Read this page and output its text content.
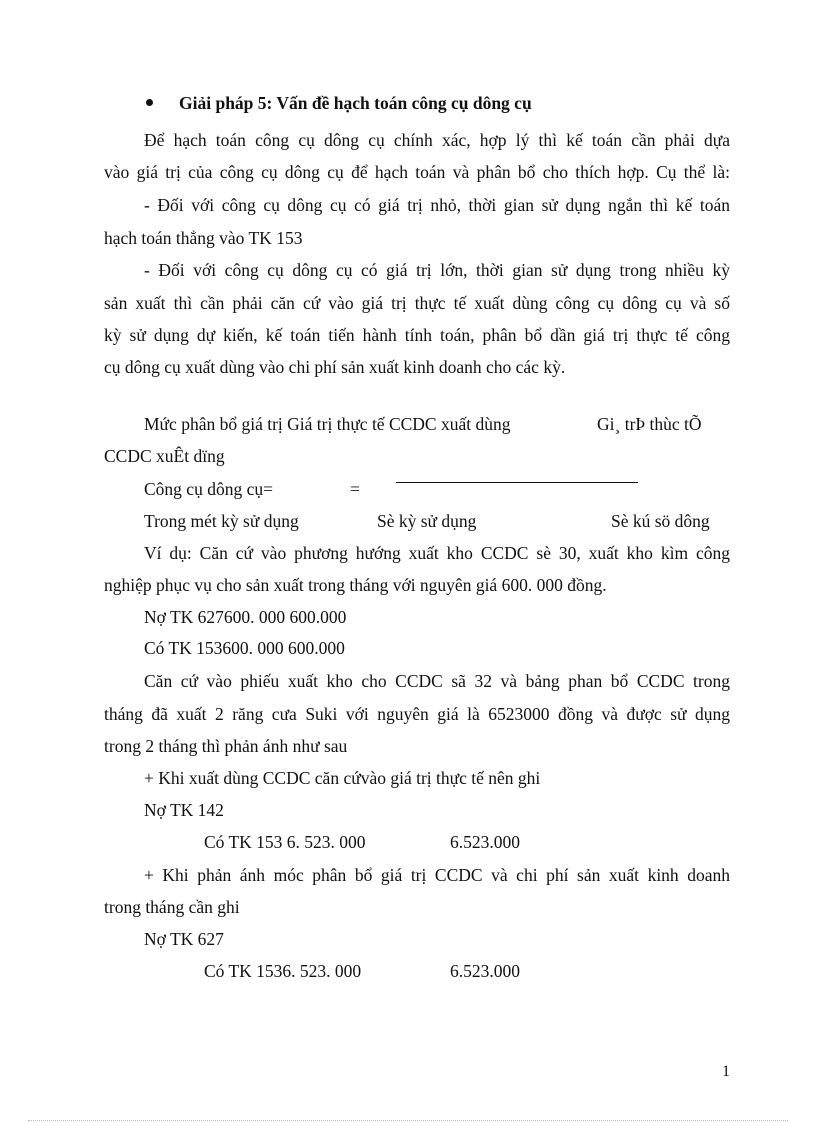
Giải pháp 5: Vấn đề hạch toán công cụ dông cụ
Để hạch toán công cụ dông cụ chính xác, hợp lý thì kế toán cần phải dựa
vào giá trị của công cụ dông cụ để hạch toán và phân bổ cho thích hợp. Cụ thể là:
- Đối với công cụ dông cụ có giá trị nhỏ, thời gian sử dụng ngắn thì kế toán
hạch toán thẳng vào TK 153
- Đối với công cụ dông cụ có giá trị lớn, thời gian sử dụng trong nhiều kỳ
sản xuất thì cần phải căn cứ vào giá trị thực tế xuất dùng công cụ dông cụ và số
kỳ sử dụng dự kiến, kế toán tiến hành tính toán, phân bổ dần giá trị thực tế công
cụ dông cụ xuất dùng vào chi phí sản xuất kinh doanh cho các kỳ.
Mức phân bổ giá trị Giá trị thực tế CCDC xuất dùng	Gi¸ trÞ thùc tÕ
CCDC xuÊt dïng
Công cụ dông cụ=	=
Trong mét kỳ sử dụng	Sè kỳ sử dụng	Sè kú sö dông
Ví dụ: Căn cứ vào phương hướng xuất kho CCDC sè 30, xuất kho kìm công
nghiệp phục vụ cho sản xuất trong tháng với nguyên giá 600. 000 đồng.
Nợ TK 627600. 000 600.000
Có TK 153600. 000 600.000
Căn cứ vào phiếu xuất kho cho CCDC sã 32 và bảng phan bổ CCDC trong
tháng đã xuất 2 răng cưa Suki với nguyên giá là 6523000 đồng và được sử dụng
trong 2 tháng thì phản ánh như sau
+ Khi xuất dùng CCDC căn cứvào giá trị thực tế nên ghi
Nợ TK 142
Có TK 153 6. 523. 000	6.523.000
+ Khi phản ánh móc phân bổ giá trị CCDC và chi phí sản xuất kinh doanh
trong tháng cần ghi
Nợ TK 627
Có TK 1536. 523. 000	6.523.000
1
